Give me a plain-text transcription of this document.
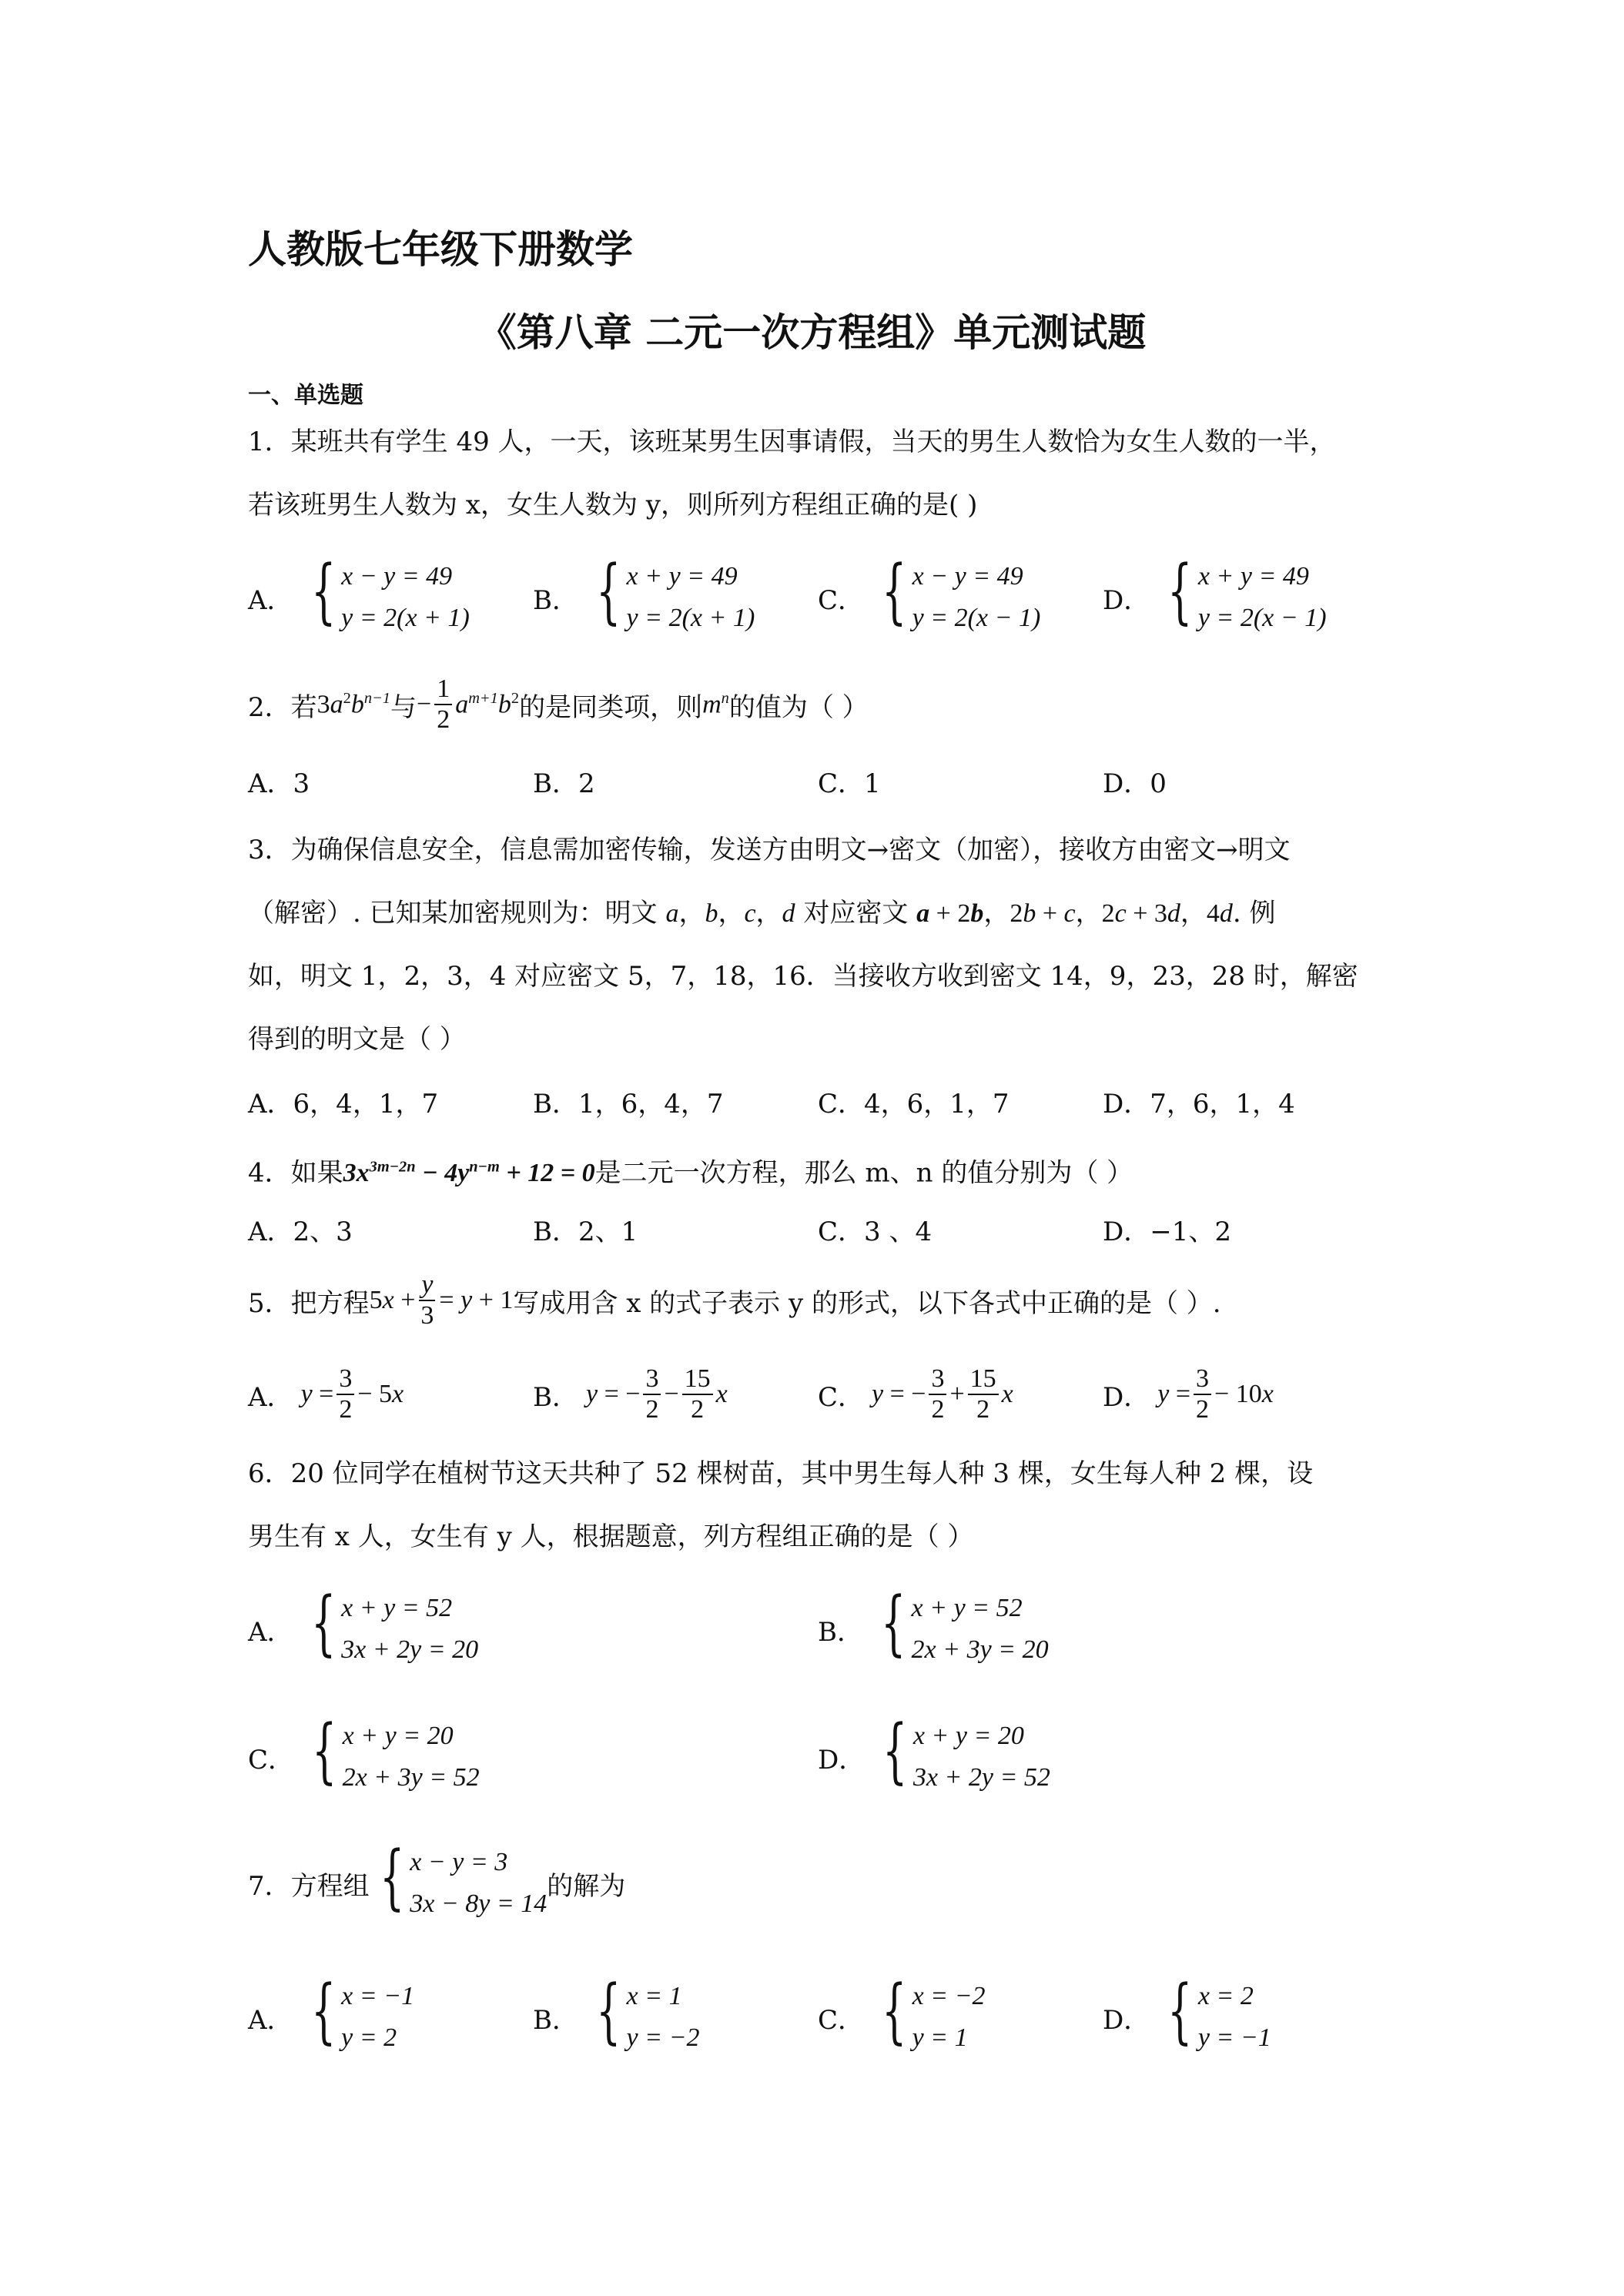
人教版七年级下册数学
《第八章 二元一次方程组》单元测试题
一、单选题
1．某班共有学生 49 人，一天，该班某男生因事请假，当天的男生人数恰为女生人数的一半，
若该班男生人数为 x，女生人数为 y，则所列方程组正确的是( )
A． { x − y = 49
y = 2(x + 1)
B． { x + y = 49
y = 2(x + 1)
C． { x − y = 49
y = 2(x − 1)
D． { x + y = 49
y = 2(x − 1)
2．若 $3a^2b^{n-1}$ 与 − $\frac{1}{2} a^{m+1}b^2$ 的是同类项，则 $m^n$ 的值为（ ）
A．3	B．2	C．1	D．0
3．为确保信息安全，信息需加密传输，发送方由明文→密文（加密），接收方由密文→明文
（解密）. 已知某加密规则为：明文 a，b，c，d 对应密文 a + 2b，2b + c，2c + 3d，4d. 例
如，明文 1，2，3，4 对应密文 5，7，18，16．当接收方收到密文 14，9，23，28 时，解密
得到的明文是（ ）
A．6，4，1，7	B．1，6，4，7	C．4，6，1，7	D．7，6，1，4
4．如果$3x^{3m-2n} - 4y^{n-m} + 12 = 0$是二元一次方程，那么 m、n 的值分别为（ ）
A．2、3	B．2、1	C．3 、4	D．−1、2
5．把方程 $5x + \frac{y}{3} = y + 1$ 写成用含 x 的式子表示 y 的形式，以下各式中正确的是（ ）.
A． $y = \frac{3}{2} - 5x$	B． y = − $\frac{3}{2} - \frac{15}{2}$ x	C． y = − $\frac{3}{2} + \frac{15}{2}$ x	D． $y = \frac{3}{2} - 10x$
6．20 位同学在植树节这天共种了 52 棵树苗，其中男生每人种 3 棵，女生每人种 2 棵，设
男生有 x 人，女生有 y 人，根据题意，列方程组正确的是（ ）
A． { x + y = 52
3x + 2y = 20
B． { x + y = 52
2x + 3y = 20
C． { x + y = 20
2x + 3y = 52
D． { x + y = 20
3x + 2y = 52
7．方程组 { x − y = 3
3x − 8y = 14
的解为
A． { x = −1
y = 2
B． { x = 1
y = −2
C． { x = −2
y = 1
D． { x = 2
y = −1
